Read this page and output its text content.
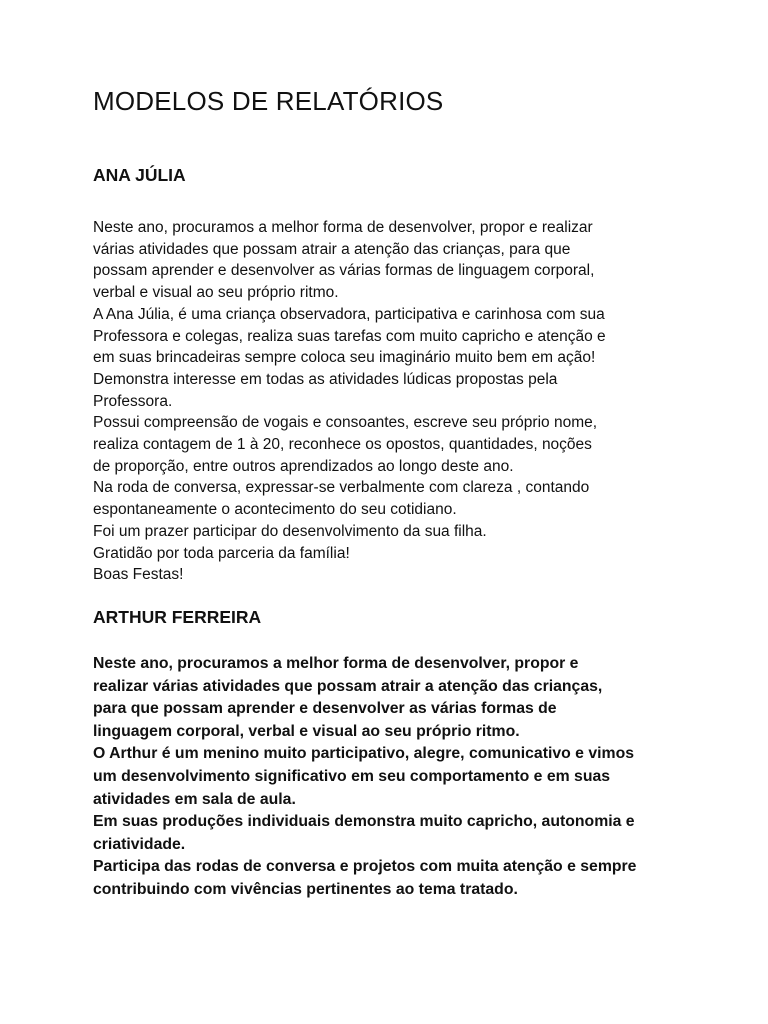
MODELOS DE RELATÓRIOS
ANA JÚLIA

Neste ano, procuramos a melhor forma de desenvolver, propor e realizar

várias atividades que possam atrair a atenção das crianças, para que

possam aprender e desenvolver as várias formas de linguagem corporal,

verbal e visual ao seu próprio ritmo.

A Ana Júlia, é uma criança observadora, participativa e carinhosa com sua

Professora e colegas, realiza suas tarefas com muito capricho e atenção e

em suas brincadeiras sempre coloca seu imaginário muito bem em ação!

Demonstra interesse em todas as atividades lúdicas propostas pela

Professora.

Possui compreensão de vogais e consoantes, escreve seu próprio nome,

realiza contagem de 1 à 20, reconhece os opostos, quantidades, noções

de proporção, entre outros aprendizados ao longo deste ano.

Na roda de conversa, expressar-se verbalmente com clareza , contando

espontaneamente o acontecimento do seu cotidiano.

Foi um prazer participar do desenvolvimento da sua filha.

Gratidão por toda parceria da família!

Boas Festas!

ARTHUR FERREIRA

Neste ano, procuramos a melhor forma de desenvolver, propor e

realizar várias atividades que possam atrair a atenção das crianças,

para que possam aprender e desenvolver as várias formas de

linguagem corporal, verbal e visual ao seu próprio ritmo.

O Arthur é um menino muito participativo, alegre, comunicativo e vimos

um desenvolvimento significativo em seu comportamento e em suas

atividades em sala de aula.

Em suas produções individuais demonstra muito capricho, autonomia e

criatividade.

Participa das rodas de conversa e projetos com muita atenção e sempre

contribuindo com vivências pertinentes ao tema tratado.
